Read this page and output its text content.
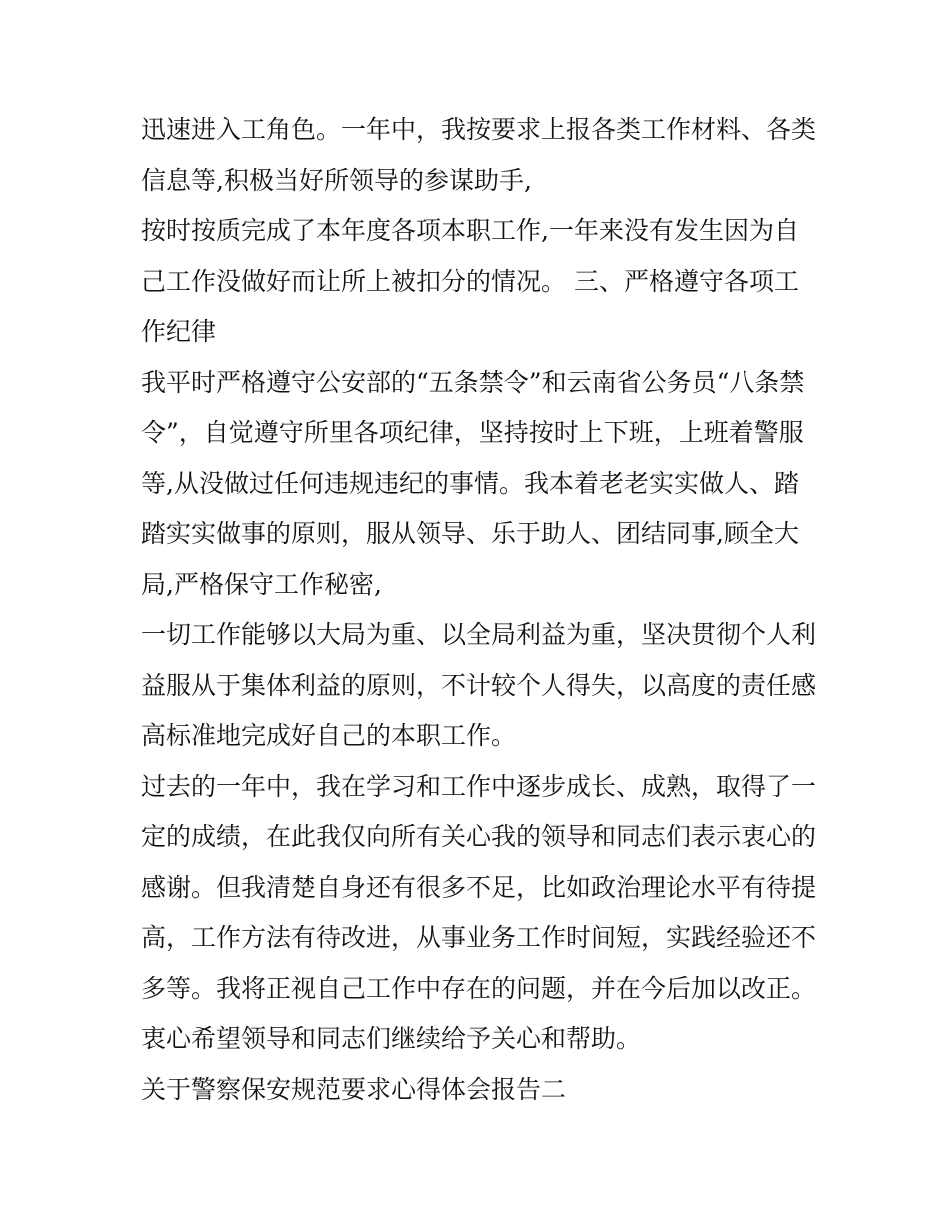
迅速进入工角色。一年中，我按要求上报各类工作材料、各类信息等,积极当好所领导的参谋助手,

按时按质完成了本年度各项本职工作,一年来没有发生因为自己工作没做好而让所上被扣分的情况。 三、严格遵守各项工作纪律

我平时严格遵守公安部的“五条禁令”和云南省公务员“八条禁令”，自觉遵守所里各项纪律，坚持按时上下班，上班着警服等,从没做过任何违规违纪的事情。我本着老老实实做人、踏踏实实做事的原则，服从领导、乐于助人、团结同事,顾全大局,严格保守工作秘密,

一切工作能够以大局为重、以全局利益为重，坚决贯彻个人利益服从于集体利益的原则，不计较个人得失，以高度的责任感高标准地完成好自己的本职工作。

过去的一年中，我在学习和工作中逐步成长、成熟，取得了一定的成绩，在此我仅向所有关心我的领导和同志们表示衷心的感谢。但我清楚自身还有很多不足，比如政治理论水平有待提高，工作方法有待改进，从事业务工作时间短，实践经验还不多等。我将正视自己工作中存在的问题，并在今后加以改正。衷心希望领导和同志们继续给予关心和帮助。

关于警察保安规范要求心得体会报告二
